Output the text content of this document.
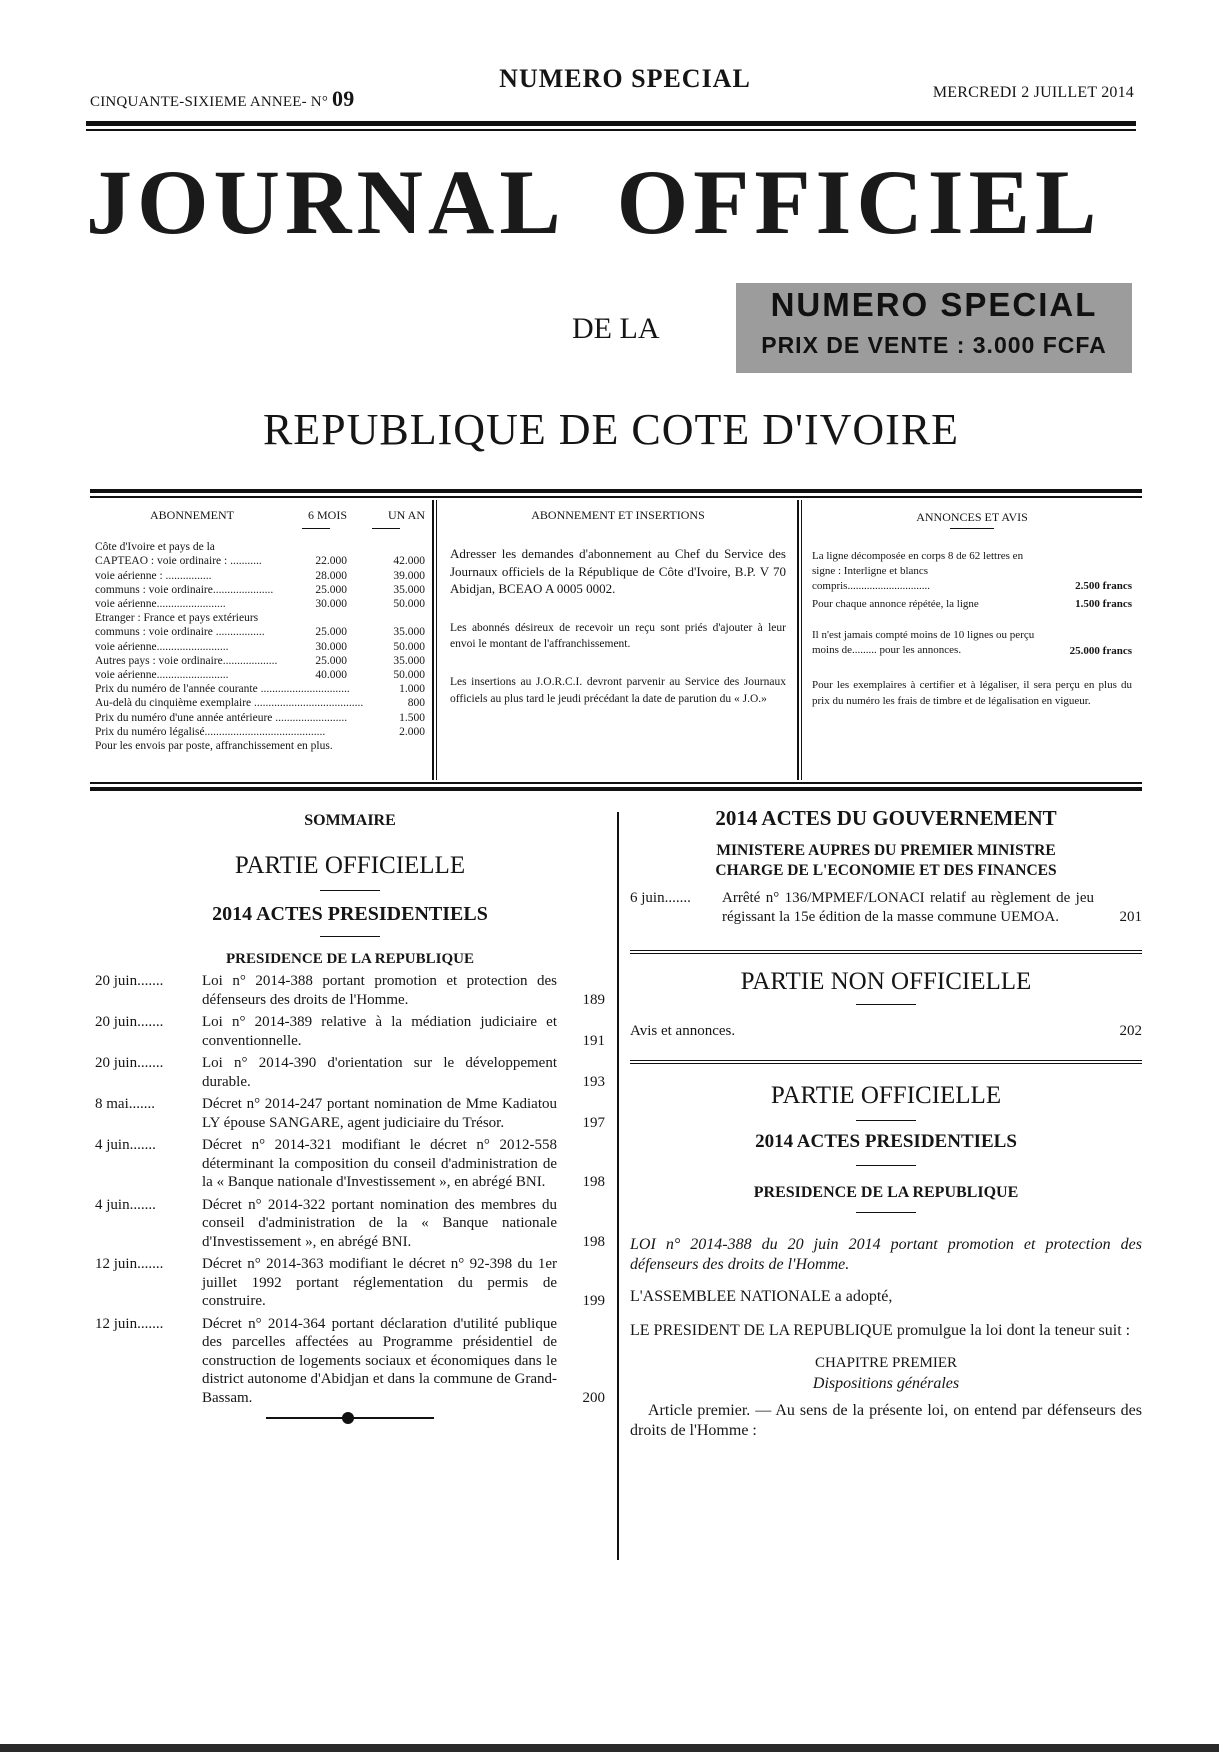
CINQUANTE-SIXIEME ANNEE- N° 09
NUMERO SPECIAL	MERCREDI 2 JUILLET 2014
JOURNAL  OFFICIEL
DE LA
NUMERO SPECIAL
PRIX DE VENTE : 3.000 FCFA
REPUBLIQUE DE COTE D'IVOIRE
ABONNEMENT	6 MOIS	UN AN
Côte d'Ivoire et pays de la
CAPTEAO : voie ordinaire : ...........	22.000	42.000
voie aérienne : ................	28.000	39.000
communs : voie ordinaire.....................	25.000	35.000
voie aérienne........................	30.000	50.000
Etranger : France et pays extérieurs
communs : voie ordinaire .................	25.000	35.000
voie aérienne.........................	30.000	50.000
Autres pays : voie ordinaire...................	25.000	35.000
voie aérienne.........................	40.000	50.000
Prix du numéro de l'année courante ...............................	1.000
Au-delà du cinquième exemplaire ......................................	800
Prix du numéro d'une année antérieure .........................	1.500
Prix du numéro légalisé..........................................	2.000
Pour les envois par poste, affranchissement en plus.
ABONNEMENT ET INSERTIONS
Adresser les demandes d'abonnement au Chef du Service des Journaux officiels de la République de Côte d'Ivoire, B.P. V 70 Abidjan, BCEAO A 0005 0002.
Les abonnés désireux de recevoir un reçu sont priés d'ajouter à leur envoi le montant de l'affranchissement.
Les insertions au J.O.R.C.I. devront parvenir au Service des Journaux officiels au plus tard le jeudi précédant la date de parution du « J.O.»
ANNONCES ET AVIS
La ligne décomposée en corps 8 de 62 lettres en signe : Interligne et blancs compris..............................	2.500 francs
Pour chaque annonce répétée, la ligne	1.500 francs
Il n'est jamais compté moins de 10 lignes ou perçu moins de......... pour les annonces.	25.000 francs
Pour les exemplaires à certifier et à légaliser, il sera perçu en plus du prix du numéro les frais de timbre et de légalisation en vigueur.
SOMMAIRE
PARTIE OFFICIELLE
2014 ACTES PRESIDENTIELS
PRESIDENCE DE LA REPUBLIQUE
20 juin.......	Loi n° 2014-388 portant promotion et protection des défenseurs des droits de l'Homme.	189
20 juin.......	Loi n° 2014-389 relative à la médiation judiciaire et conventionnelle.	191
20 juin.......	Loi n° 2014-390 d'orientation sur le développement durable.	193
8 mai.......	Décret n° 2014-247 portant nomination de Mme Kadiatou LY épouse SANGARE, agent judiciaire du Trésor.	197
4 juin.......	Décret n° 2014-321 modifiant le décret n° 2012-558 déterminant la composition du conseil d'administration de la « Banque nationale d'Investissement », en abrégé BNI.	198
4 juin.......	Décret n° 2014-322 portant nomination des membres du conseil d'administration de la « Banque nationale d'Investissement », en abrégé BNI.	198
12 juin.......	Décret n° 2014-363 modifiant le décret n° 92-398 du 1er juillet 1992 portant réglementation du permis de construire.	199
12 juin.......	Décret n° 2014-364 portant déclaration d'utilité publique des parcelles affectées au Programme présidentiel de construction de logements sociaux et économiques dans le district autonome d'Abidjan et dans la commune de Grand-Bassam.	200
2014 ACTES DU GOUVERNEMENT
MINISTERE AUPRES DU PREMIER MINISTRE
CHARGE DE L'ECONOMIE ET DES FINANCES
6 juin.......	Arrêté n° 136/MPMEF/LONACI relatif au règlement de jeu régissant la 15e édition de la masse commune UEMOA.	201
PARTIE NON OFFICIELLE
Avis et annonces.	202
PARTIE OFFICIELLE
2014 ACTES PRESIDENTIELS
PRESIDENCE DE LA REPUBLIQUE
LOI n° 2014-388 du 20 juin 2014 portant promotion et protection des défenseurs des droits de l'Homme.
L'ASSEMBLEE NATIONALE a adopté,
LE PRESIDENT DE LA REPUBLIQUE promulgue la loi dont la teneur suit :
CHAPITRE PREMIER
Dispositions générales
Article premier. — Au sens de la présente loi, on entend par défenseurs des droits de l'Homme :
